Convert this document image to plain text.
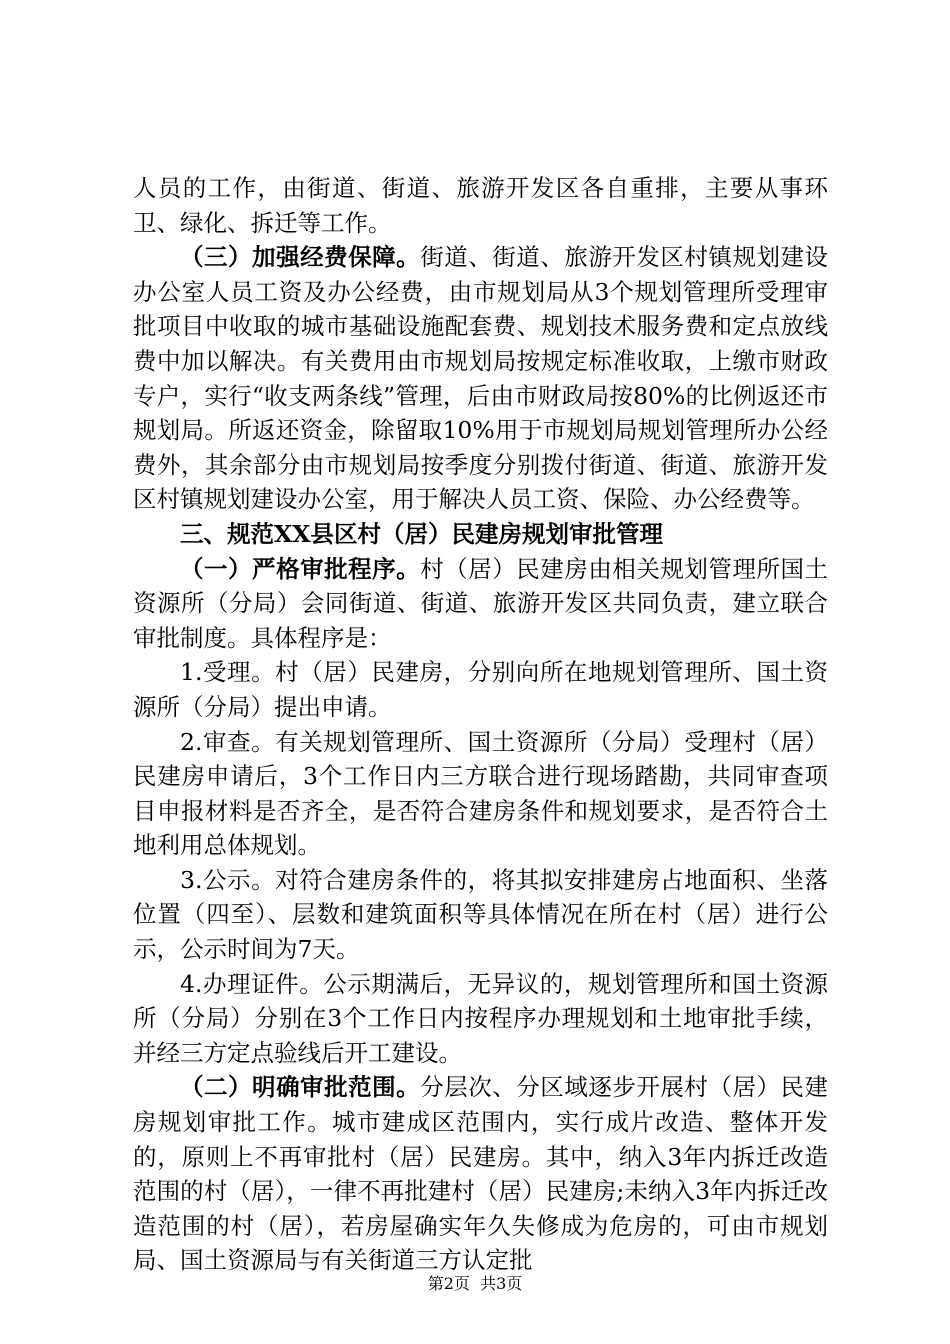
人员的工作，由街道、街道、旅游开发区各自重排，主要从事环卫、绿化、拆迁等工作。

（三）加强经费保障。街道、街道、旅游开发区村镇规划建设办公室人员工资及办公经费，由市规划局从3个规划管理所受理审批项目中收取的城市基础设施配套费、规划技术服务费和定点放线费中加以解决。有关费用由市规划局按规定标准收取，上缴市财政专户，实行“收支两条线”管理，后由市财政局按80%的比例返还市规划局。所返还资金，除留取10%用于市规划局规划管理所办公经费外，其余部分由市规划局按季度分别拨付街道、街道、旅游开发区村镇规划建设办公室，用于解决人员工资、保险、办公经费等。

三、规范XX县区村（居）民建房规划审批管理

（一）严格审批程序。村（居）民建房由相关规划管理所国土资源所（分局）会同街道、街道、旅游开发区共同负责，建立联合审批制度。具体程序是：

1.受理。村（居）民建房，分别向所在地规划管理所、国土资源所（分局）提出申请。

2.审查。有关规划管理所、国土资源所（分局）受理村（居）民建房申请后，3个工作日内三方联合进行现场踏勘，共同审查项目申报材料是否齐全，是否符合建房条件和规划要求，是否符合土地利用总体规划。

3.公示。对符合建房条件的，将其拟安排建房占地面积、坐落位置（四至）、层数和建筑面积等具体情况在所在村（居）进行公示，公示时间为7天。

4.办理证件。公示期满后，无异议的，规划管理所和国土资源所（分局）分别在3个工作日内按程序办理规划和土地审批手续，并经三方定点验线后开工建设。

（二）明确审批范围。分层次、分区域逐步开展村（居）民建房规划审批工作。城市建成区范围内，实行成片改造、整体开发的，原则上不再审批村（居）民建房。其中，纳入3年内拆迁改造范围的村（居），一律不再批建村（居）民建房;未纳入3年内拆迁改造范围的村（居），若房屋确实年久失修成为危房的，可由市规划局、国土资源局与有关街道三方认定批

第2页  共3页
